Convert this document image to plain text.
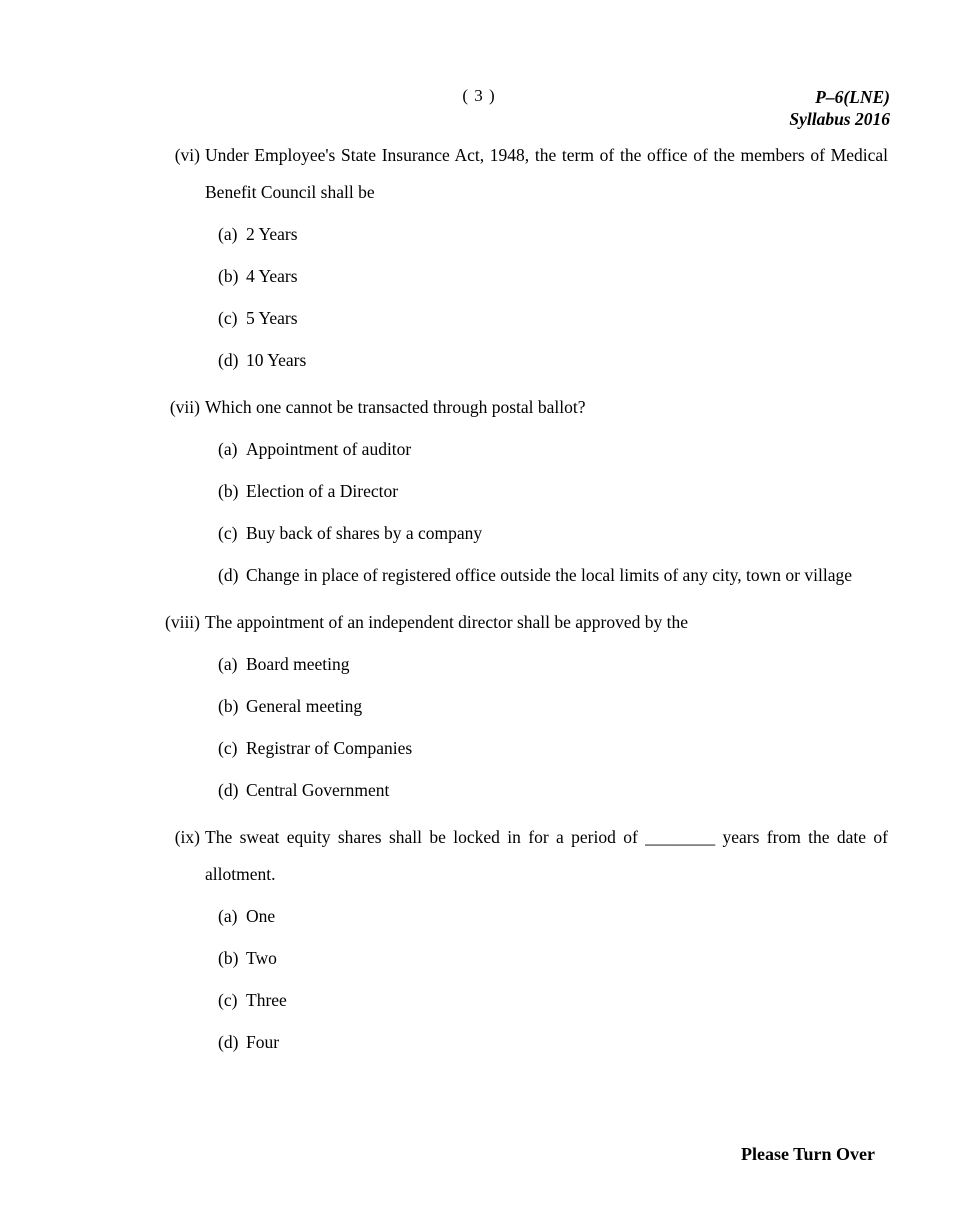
( 3 )	P–6(LNE)
Syllabus 2016
(vi) Under Employee's State Insurance Act, 1948, the term of the office of the members of Medical Benefit Council shall be

(a) 2 Years
(b) 4 Years
(c) 5 Years
(d) 10 Years
(vii) Which one cannot be transacted through postal ballot?

(a) Appointment of auditor
(b) Election of a Director
(c) Buy back of shares by a company
(d) Change in place of registered office outside the local limits of any city, town or village
(viii) The appointment of an independent director shall be approved by the

(a) Board meeting
(b) General meeting
(c) Registrar of Companies
(d) Central Government
(ix) The sweat equity shares shall be locked in for a period of ________ years from the date of allotment.

(a) One
(b) Two
(c) Three
(d) Four
Please Turn Over
